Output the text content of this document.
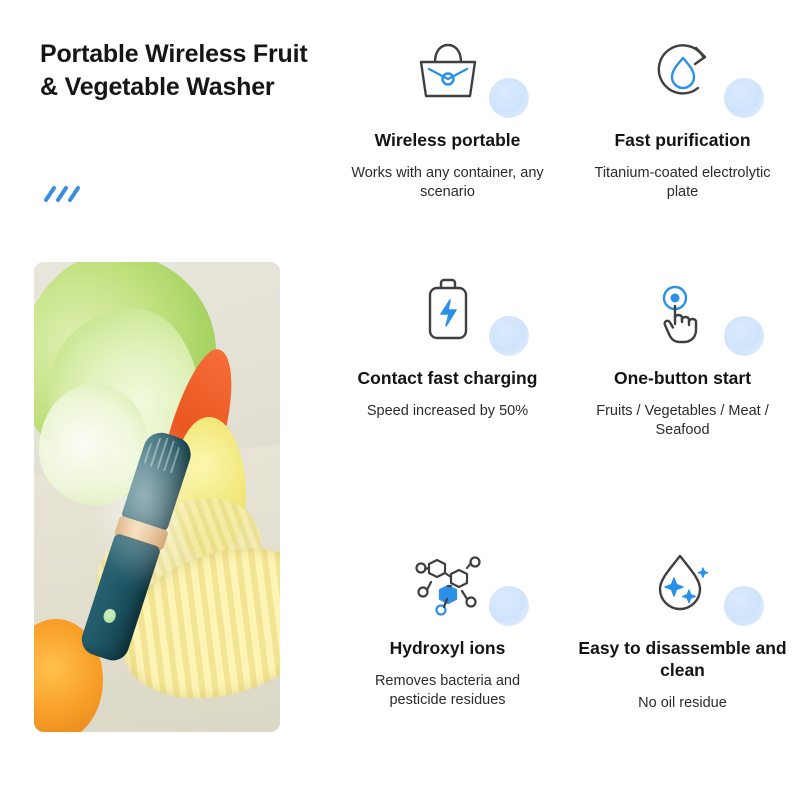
Portable Wireless Fruit & Vegetable Washer
Wireless portable
Works with any container, any scenario
Fast purification
Titanium-coated electrolytic plate
Contact fast charging
Speed increased by 50%
One-button start
Fruits / Vegetables / Meat / Seafood
Hydroxyl ions
Removes bacteria and pesticide residues
Easy to disassemble and clean
No oil residue
